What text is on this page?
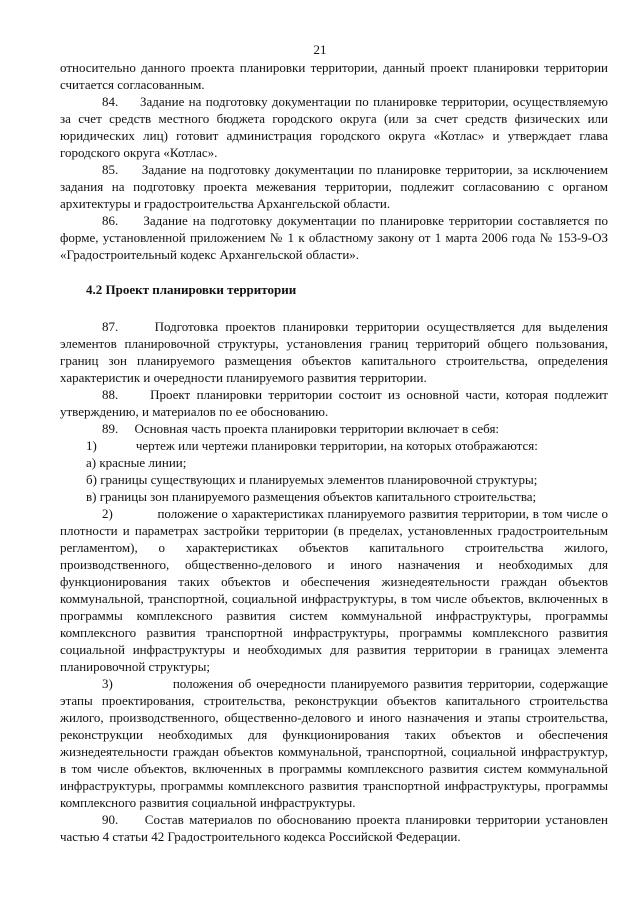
21

относительно данного проекта планировки территории, данный проект планировки территории считается согласованным.

84.     Задание на подготовку документации по планировке территории, осуществляемую за счет средств местного бюджета городского округа (или за счет средств физических или юридических лиц) готовит администрация городского округа «Котлас» и утверждает глава городского округа «Котлас».

85.     Задание на подготовку документации по планировке территории, за исключением задания на подготовку проекта межевания территории, подлежит согласованию с органом архитектуры и градостроительства Архангельской области.

86.     Задание на подготовку документации по планировке территории составляется по форме, установленной приложением № 1 к областному закону от 1 марта 2006 года № 153-9-ОЗ «Градостроительный кодекс Архангельской области».

4.2 Проект планировки территории

87.     Подготовка проектов планировки территории осуществляется для выделения элементов планировочной структуры, установления границ территорий общего пользования, границ зон планируемого размещения объектов капитального строительства, определения характеристик и очередности планируемого развития территории.

88.     Проект планировки территории состоит из основной части, которая подлежит утверждению, и материалов по ее обоснованию.

89.     Основная часть проекта планировки территории включает в себя:

1)            чертеж или чертежи планировки территории, на которых отображаются:

а) красные линии;

б) границы существующих и планируемых элементов планировочной структуры;

в) границы зон планируемого размещения объектов капитального строительства;

2)            положение о характеристиках планируемого развития территории, в том числе о плотности и параметрах застройки территории (в пределах, установленных градостроительным регламентом), о характеристиках объектов капитального строительства жилого, производственного, общественно-делового и иного назначения и необходимых для функционирования таких объектов и обеспечения жизнедеятельности граждан объектов коммунальной, транспортной, социальной инфраструктуры, в том числе объектов, включенных в программы комплексного развития систем коммунальной инфраструктуры, программы комплексного развития транспортной инфраструктуры, программы комплексного развития социальной инфраструктуры и необходимых для развития территории в границах элемента планировочной структуры;

3)            положения об очередности планируемого развития территории, содержащие этапы проектирования, строительства, реконструкции объектов капитального строительства жилого, производственного, общественно-делового и иного назначения и этапы строительства, реконструкции необходимых для функционирования таких объектов и обеспечения жизнедеятельности граждан объектов коммунальной, транспортной, социальной инфраструктур, в том числе объектов, включенных в программы комплексного развития систем коммунальной инфраструктуры, программы комплексного развития транспортной инфраструктуры, программы комплексного развития социальной инфраструктуры.

90.     Состав материалов по обоснованию проекта планировки территории установлен частью 4 статьи 42 Градостроительного кодекса Российской Федерации.
